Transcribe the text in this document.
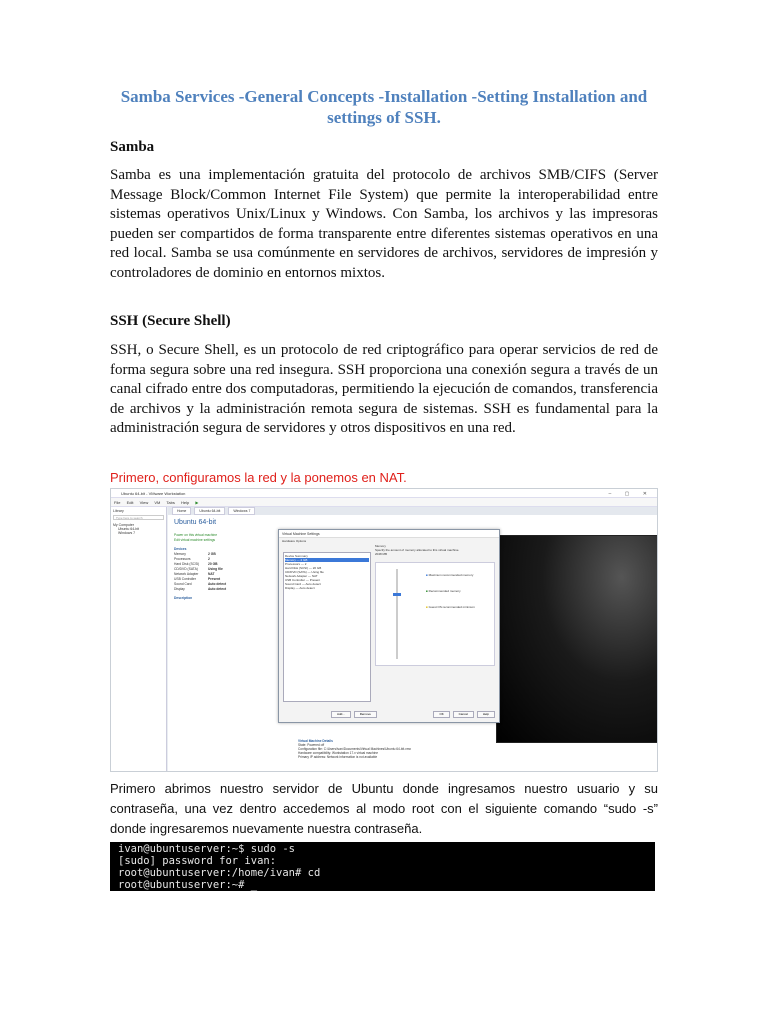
Samba Services -General Concepts -Installation -Setting Installation and settings of SSH.
Samba
Samba es una implementación gratuita del protocolo de archivos SMB/CIFS (Server Message Block/Common Internet File System) que permite la interoperabilidad entre sistemas operativos Unix/Linux y Windows. Con Samba, los archivos y las impresoras pueden ser compartidos de forma transparente entre diferentes sistemas operativos en una red local. Samba se usa comúnmente en servidores de archivos, servidores de impresión y controladores de dominio en entornos mixtos.
SSH (Secure Shell)
SSH, o Secure Shell, es un protocolo de red criptográfico para operar servicios de red de forma segura sobre una red insegura. SSH proporciona una conexión segura a través de un canal cifrado entre dos computadoras, permitiendo la ejecución de comandos, transferencia de archivos y la administración remota segura de sistemas. SSH es fundamental para la administración segura de servidores y otros dispositivos en una red.
Primero, configuramos la red y la ponemos en NAT.
Ubuntu 64-bit - VMware Workstation	– ▢ ✕
File Edit View VM Tabs Help ▶
Library
Type here to search
My Computer
Ubuntu 64-bit
Windows 7
Home	Ubuntu 64-bit	Windows 7
Ubuntu 64-bit
Power on this virtual machine
Edit virtual machine settings
Devices
Memory	2 GB
Processors	2
Hard Disk (SCSI)	20 GB
CD/DVD (SATA)	Using file
Network Adapter	NAT
USB Controller	Present
Sound Card	Auto detect
Display	Auto detect
Description
Virtual Machine Settings
Hardware Options
Device Summary
Memory — 2 GB
Processors — 2
Hard Disk (SCSI) — 20 GB
CD/DVD (SATA) — Using file
Network Adapter — NAT
USB Controller — Present
Sound Card — Auto detect
Display — Auto detect
Memory
Specify the amount of memory allocated to this virtual machine.
2048 MB
■ Maximum recommended memory
■ Recommended memory
■ Guest OS recommended minimum
Add...	Remove	OK	Cancel	Help
Virtual Machine Details
State: Powered off
Configuration file: C:\Users\ivan\Documents\Virtual Machines\Ubuntu 64-bit.vmx
Hardware compatibility: Workstation 17.x virtual machine
Primary IP address: Network information is not available
Primero abrimos nuestro servidor de Ubuntu donde ingresamos nuestro usuario y su contraseña, una vez dentro accedemos al modo root con el siguiente comando “sudo -s” donde ingresaremos nuevamente nuestra contraseña.
ivan@ubuntuserver:~$ sudo -s
[sudo] password for ivan:
root@ubuntuserver:/home/ivan# cd
root@ubuntuserver:~# _
